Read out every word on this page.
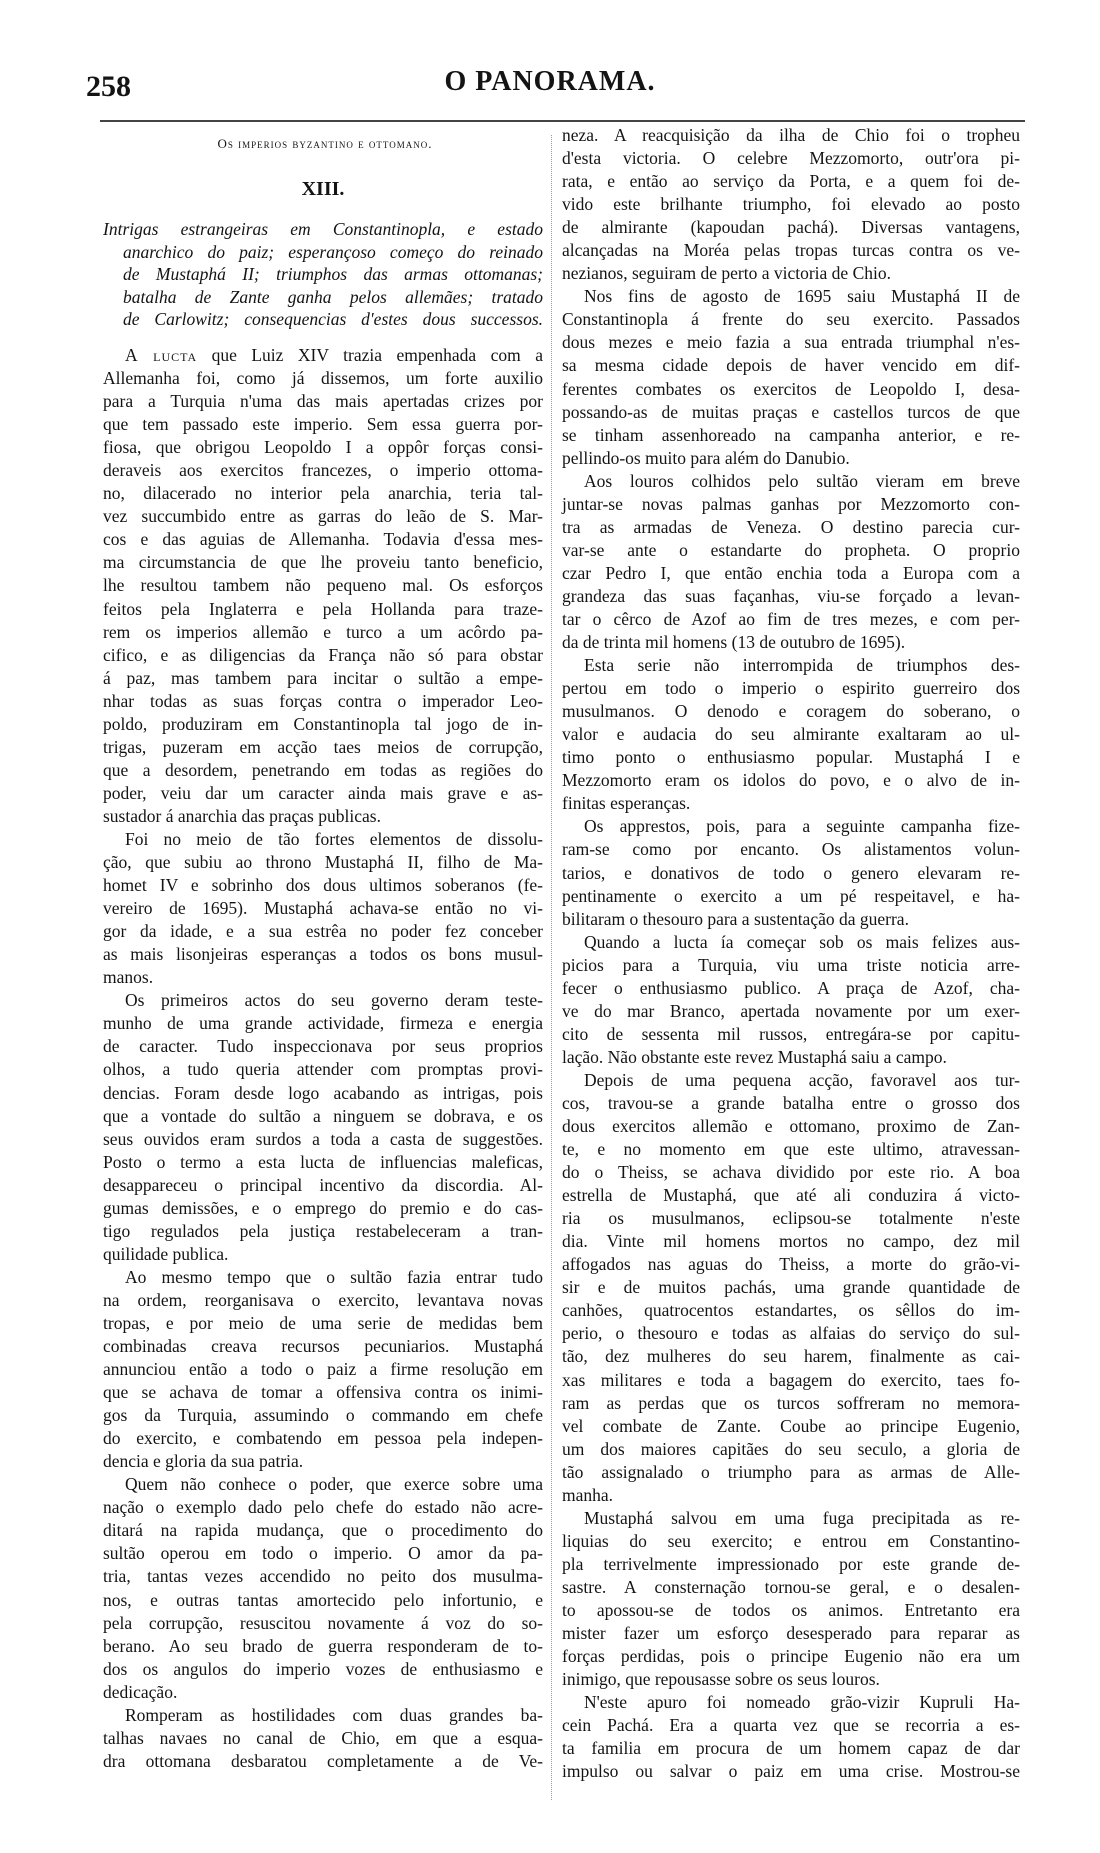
258	O PANORAMA.
Os imperios byzantino e ottomano.
XIII.
Intrigas estrangeiras em Constantinopla, e estado
anarchico do paiz; esperançoso começo do reinado
de Mustaphá II; triumphos das armas ottomanas;
batalha de Zante ganha pelos allemães; tratado
de Carlowitz; consequencias d'estes dous successos.
A lucta que Luiz XIV trazia empenhada com a
Allemanha foi, como já dissemos, um forte auxilio
para a Turquia n'uma das mais apertadas crizes por
que tem passado este imperio. Sem essa guerra por-
fiosa, que obrigou Leopoldo I a oppôr forças consi-
deraveis aos exercitos francezes, o imperio ottoma-
no, dilacerado no interior pela anarchia, teria tal-
vez succumbido entre as garras do leão de S. Mar-
cos e das aguias de Allemanha. Todavia d'essa mes-
ma circumstancia de que lhe proveiu tanto beneficio,
lhe resultou tambem não pequeno mal. Os esforços
feitos pela Inglaterra e pela Hollanda para traze-
rem os imperios allemão e turco a um acôrdo pa-
cifico, e as diligencias da França não só para obstar
á paz, mas tambem para incitar o sultão a empe-
nhar todas as suas forças contra o imperador Leo-
poldo, produziram em Constantinopla tal jogo de in-
trigas, puzeram em acção taes meios de corrupção,
que a desordem, penetrando em todas as regiões do
poder, veiu dar um caracter ainda mais grave e as-
sustador á anarchia das praças publicas.
Foi no meio de tão fortes elementos de dissolu-
ção, que subiu ao throno Mustaphá II, filho de Ma-
homet IV e sobrinho dos dous ultimos soberanos (fe-
vereiro de 1695). Mustaphá achava-se então no vi-
gor da idade, e a sua estrêa no poder fez conceber
as mais lisonjeiras esperanças a todos os bons musul-
manos.
Os primeiros actos do seu governo deram teste-
munho de uma grande actividade, firmeza e energia
de caracter. Tudo inspeccionava por seus proprios
olhos, a tudo queria attender com promptas provi-
dencias. Foram desde logo acabando as intrigas, pois
que a vontade do sultão a ninguem se dobrava, e os
seus ouvidos eram surdos a toda a casta de suggestões.
Posto o termo a esta lucta de influencias maleficas,
desappareceu o principal incentivo da discordia. Al-
gumas demissões, e o emprego do premio e do cas-
tigo regulados pela justiça restabeleceram a tran-
quilidade publica.
Ao mesmo tempo que o sultão fazia entrar tudo
na ordem, reorganisava o exercito, levantava novas
tropas, e por meio de uma serie de medidas bem
combinadas creava recursos pecuniarios. Mustaphá
annunciou então a todo o paiz a firme resolução em
que se achava de tomar a offensiva contra os inimi-
gos da Turquia, assumindo o commando em chefe
do exercito, e combatendo em pessoa pela indepen-
dencia e gloria da sua patria.
Quem não conhece o poder, que exerce sobre uma
nação o exemplo dado pelo chefe do estado não acre-
ditará na rapida mudança, que o procedimento do
sultão operou em todo o imperio. O amor da pa-
tria, tantas vezes accendido no peito dos musulma-
nos, e outras tantas amortecido pelo infortunio, e
pela corrupção, resuscitou novamente á voz do so-
berano. Ao seu brado de guerra responderam de to-
dos os angulos do imperio vozes de enthusiasmo e
dedicação.
Romperam as hostilidades com duas grandes ba-
talhas navaes no canal de Chio, em que a esqua-
dra ottomana desbaratou completamente a de Ve-
neza. A reacquisição da ilha de Chio foi o tropheu
d'esta victoria. O celebre Mezzomorto, outr'ora pi-
rata, e então ao serviço da Porta, e a quem foi de-
vido este brilhante triumpho, foi elevado ao posto
de almirante (kapoudan pachá). Diversas vantagens,
alcançadas na Moréa pelas tropas turcas contra os ve-
nezianos, seguiram de perto a victoria de Chio.
Nos fins de agosto de 1695 saiu Mustaphá II de
Constantinopla á frente do seu exercito. Passados
dous mezes e meio fazia a sua entrada triumphal n'es-
sa mesma cidade depois de haver vencido em dif-
ferentes combates os exercitos de Leopoldo I, desa-
possando-as de muitas praças e castellos turcos de que
se tinham assenhoreado na campanha anterior, e re-
pellindo-os muito para além do Danubio.
Aos louros colhidos pelo sultão vieram em breve
juntar-se novas palmas ganhas por Mezzomorto con-
tra as armadas de Veneza. O destino parecia cur-
var-se ante o estandarte do propheta. O proprio
czar Pedro I, que então enchia toda a Europa com a
grandeza das suas façanhas, viu-se forçado a levan-
tar o cêrco de Azof ao fim de tres mezes, e com per-
da de trinta mil homens (13 de outubro de 1695).
Esta serie não interrompida de triumphos des-
pertou em todo o imperio o espirito guerreiro dos
musulmanos. O denodo e coragem do soberano, o
valor e audacia do seu almirante exaltaram ao ul-
timo ponto o enthusiasmo popular. Mustaphá I e
Mezzomorto eram os idolos do povo, e o alvo de in-
finitas esperanças.
Os apprestos, pois, para a seguinte campanha fize-
ram-se como por encanto. Os alistamentos volun-
tarios, e donativos de todo o genero elevaram re-
pentinamente o exercito a um pé respeitavel, e ha-
bilitaram o thesouro para a sustentação da guerra.
Quando a lucta ía começar sob os mais felizes aus-
picios para a Turquia, viu uma triste noticia arre-
fecer o enthusiasmo publico. A praça de Azof, cha-
ve do mar Branco, apertada novamente por um exer-
cito de sessenta mil russos, entregára-se por capitu-
lação. Não obstante este revez Mustaphá saiu a campo.
Depois de uma pequena acção, favoravel aos tur-
cos, travou-se a grande batalha entre o grosso dos
dous exercitos allemão e ottomano, proximo de Zan-
te, e no momento em que este ultimo, atravessan-
do o Theiss, se achava dividido por este rio. A boa
estrella de Mustaphá, que até ali conduzira á victo-
ria os musulmanos, eclipsou-se totalmente n'este
dia. Vinte mil homens mortos no campo, dez mil
affogados nas aguas do Theiss, a morte do grão-vi-
sir e de muitos pachás, uma grande quantidade de
canhões, quatrocentos estandartes, os sêllos do im-
perio, o thesouro e todas as alfaias do serviço do sul-
tão, dez mulheres do seu harem, finalmente as cai-
xas militares e toda a bagagem do exercito, taes fo-
ram as perdas que os turcos soffreram no memora-
vel combate de Zante. Coube ao principe Eugenio,
um dos maiores capitães do seu seculo, a gloria de
tão assignalado o triumpho para as armas de Alle-
manha.
Mustaphá salvou em uma fuga precipitada as re-
liquias do seu exercito; e entrou em Constantino-
pla terrivelmente impressionado por este grande de-
sastre. A consternação tornou-se geral, e o desalen-
to apossou-se de todos os animos. Entretanto era
mister fazer um esforço desesperado para reparar as
forças perdidas, pois o principe Eugenio não era um
inimigo, que repousasse sobre os seus louros.
N'este apuro foi nomeado grão-vizir Kupruli Ha-
cein Pachá. Era a quarta vez que se recorria a es-
ta familia em procura de um homem capaz de dar
impulso ou salvar o paiz em uma crise. Mostrou-se
